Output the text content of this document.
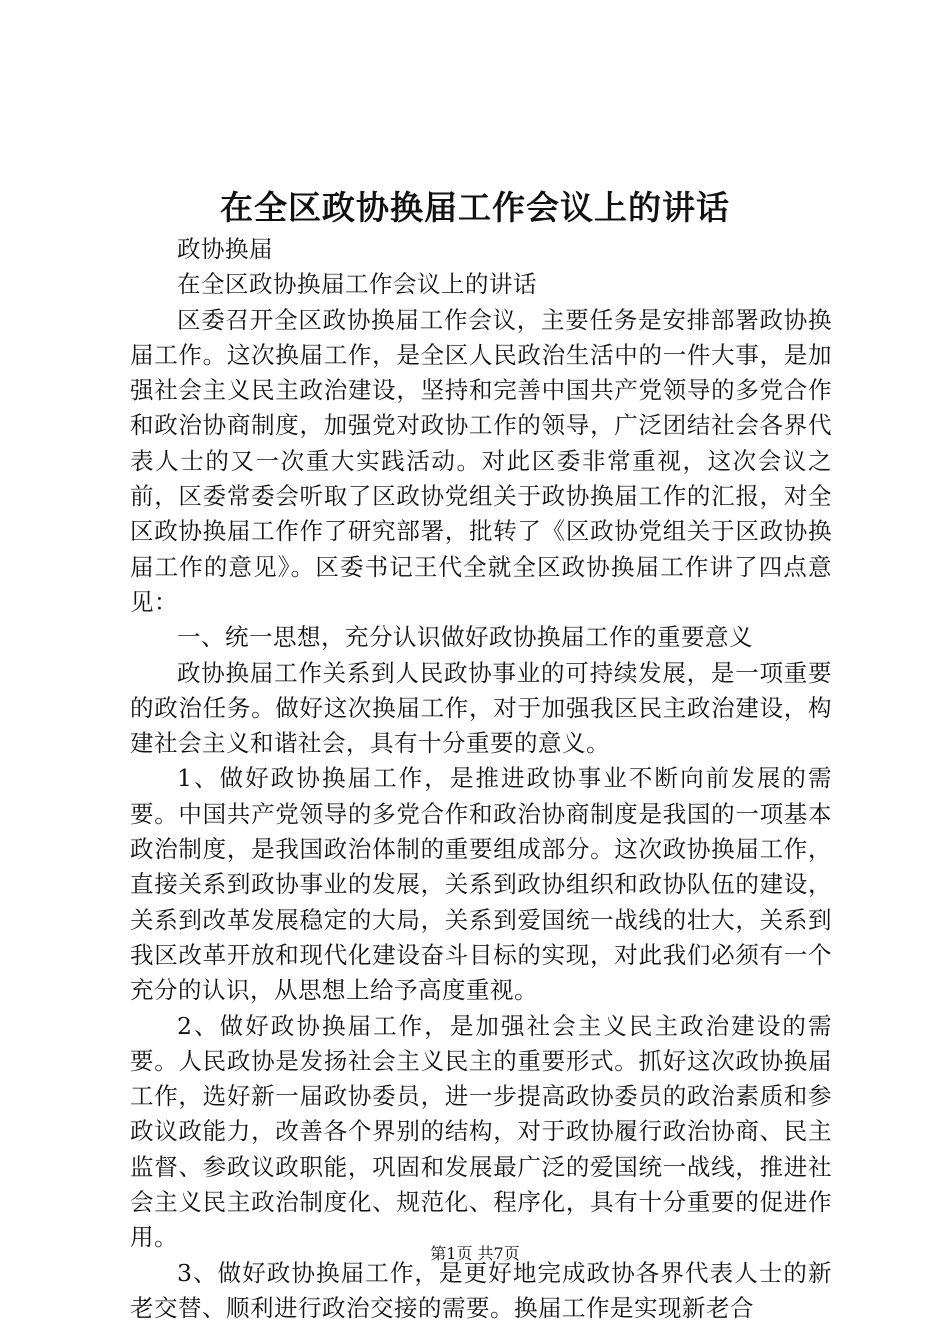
在全区政协换届工作会议上的讲话

政协换届

在全区政协换届工作会议上的讲话

区委召开全区政协换届工作会议，主要任务是安排部署政协换届工作。这次换届工作，是全区人民政治生活中的一件大事，是加强社会主义民主政治建设，坚持和完善中国共产党领导的多党合作和政治协商制度，加强党对政协工作的领导，广泛团结社会各界代表人士的又一次重大实践活动。对此区委非常重视，这次会议之前，区委常委会听取了区政协党组关于政协换届工作的汇报，对全区政协换届工作作了研究部署，批转了《区政协党组关于区政协换届工作的意见》。区委书记王代全就全区政协换届工作讲了四点意见：

一、统一思想，充分认识做好政协换届工作的重要意义

政协换届工作关系到人民政协事业的可持续发展，是一项重要的政治任务。做好这次换届工作，对于加强我区民主政治建设，构建社会主义和谐社会，具有十分重要的意义。

1、做好政协换届工作，是推进政协事业不断向前发展的需要。中国共产党领导的多党合作和政治协商制度是我国的一项基本政治制度，是我国政治体制的重要组成部分。这次政协换届工作，直接关系到政协事业的发展，关系到政协组织和政协队伍的建设，关系到改革发展稳定的大局，关系到爱国统一战线的壮大，关系到我区改革开放和现代化建设奋斗目标的实现，对此我们必须有一个充分的认识，从思想上给予高度重视。

2、做好政协换届工作，是加强社会主义民主政治建设的需要。人民政协是发扬社会主义民主的重要形式。抓好这次政协换届工作，选好新一届政协委员，进一步提高政协委员的政治素质和参政议政能力，改善各个界别的结构，对于政协履行政治协商、民主监督、参政议政职能，巩固和发展最广泛的爱国统一战线，推进社会主义民主政治制度化、规范化、程序化，具有十分重要的促进作用。

3、做好政协换届工作，是更好地完成政协各界代表人士的新老交替、顺利进行政治交接的需要。换届工作是实现新老合

第1页 共7页
